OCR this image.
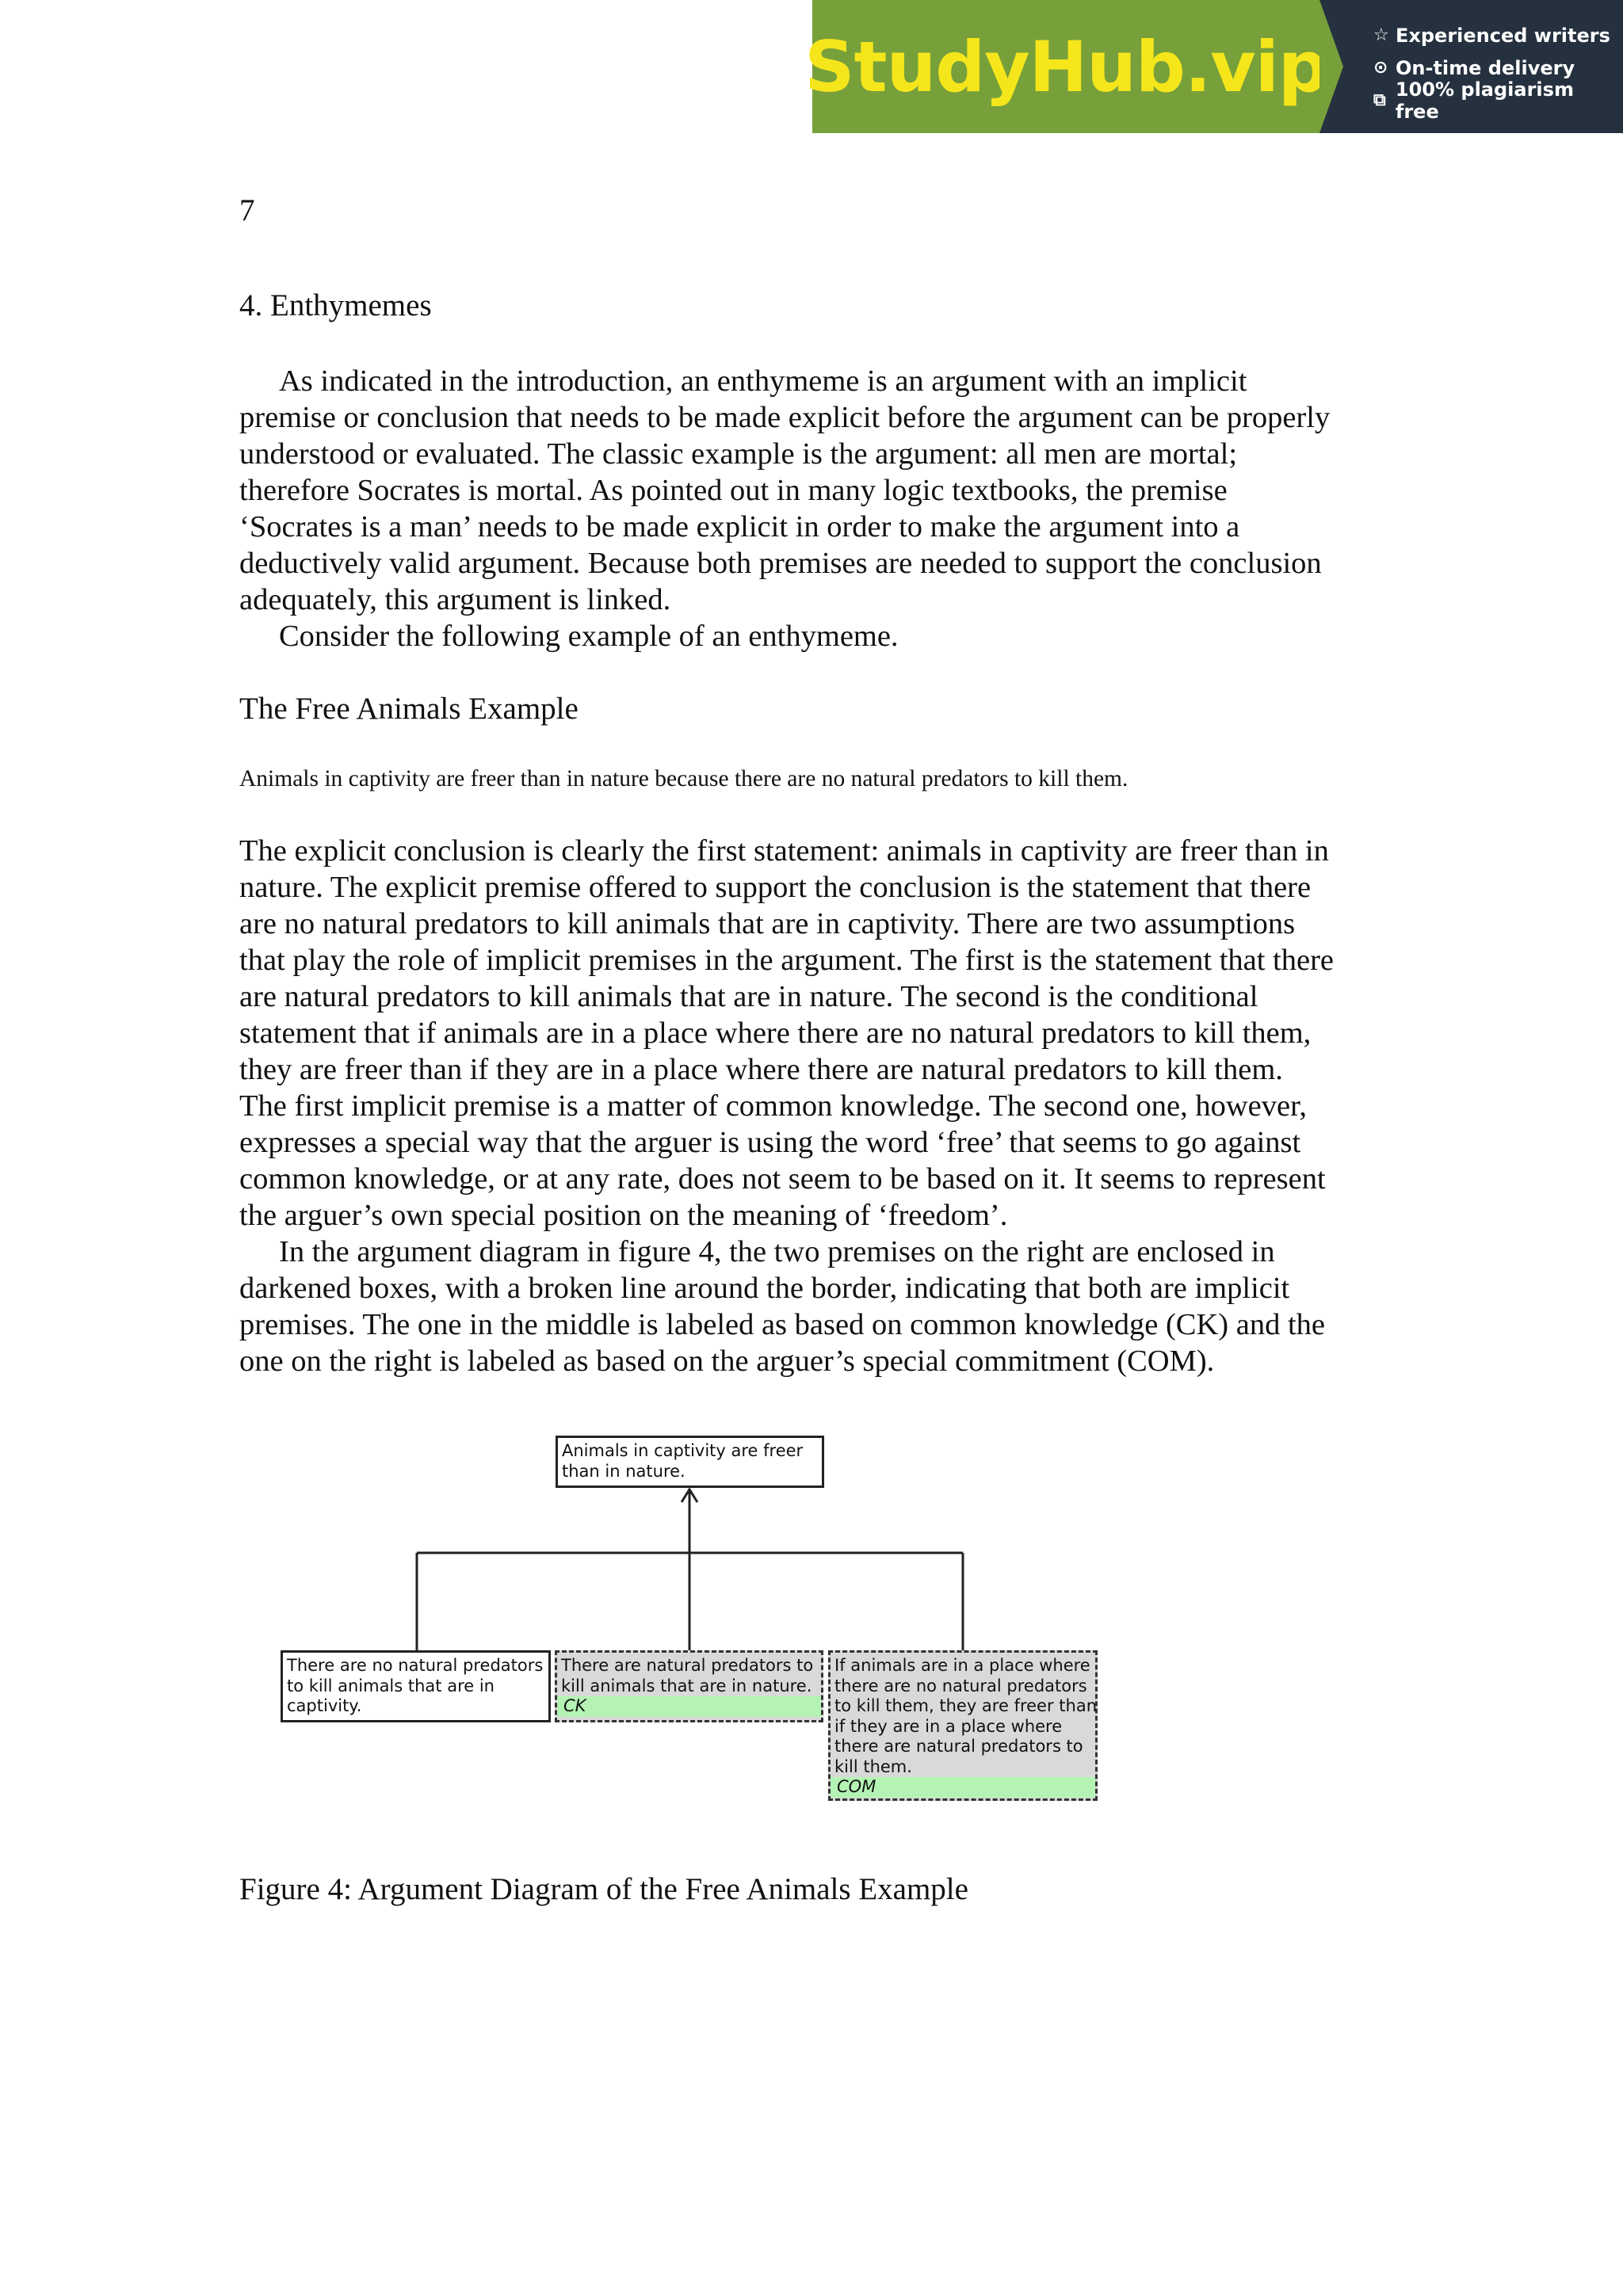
StudyHub.vip	☆ Experienced writers
⊙ On-time delivery
⧉ 100% plagiarism free
7
4. Enthymemes

As indicated in the introduction, an enthymeme is an argument with an implicit
premise or conclusion that needs to be made explicit before the argument can be properly
understood or evaluated. The classic example is the argument: all men are mortal;
therefore Socrates is mortal. As pointed out in many logic textbooks, the premise
‘Socrates is a man’ needs to be made explicit in order to make the argument into a
deductively valid argument. Because both premises are needed to support the conclusion
adequately, this argument is linked.
Consider the following example of an enthymeme.

The Free Animals Example
Animals in captivity are freer than in nature because there are no natural predators to kill them.

The explicit conclusion is clearly the first statement: animals in captivity are freer than in
nature. The explicit premise offered to support the conclusion is the statement that there
are no natural predators to kill animals that are in captivity. There are two assumptions
that play the role of implicit premises in the argument. The first is the statement that there
are natural predators to kill animals that are in nature. The second is the conditional
statement that if animals are in a place where there are no natural predators to kill them,
they are freer than if they are in a place where there are natural predators to kill them.
The first implicit premise is a matter of common knowledge. The second one, however,
expresses a special way that the arguer is using the word ‘free’ that seems to go against
common knowledge, or at any rate, does not seem to be based on it. It seems to represent
the arguer’s own special position on the meaning of ‘freedom’.
In the argument diagram in figure 4, the two premises on the right are enclosed in
darkened boxes, with a broken line around the border, indicating that both are implicit
premises. The one in the middle is labeled as based on common knowledge (CK) and the
one on the right is labeled as based on the arguer’s special commitment (COM).

Animals in captivity are freer
than in nature.
There are no natural predators
to kill animals that are in
captivity.
There are natural predators to
kill animals that are in nature.
CK
If animals are in a place where
there are no natural predators
to kill them, they are freer than
if they are in a place where
there are natural predators to
kill them.
COM
Figure 4: Argument Diagram of the Free Animals Example
